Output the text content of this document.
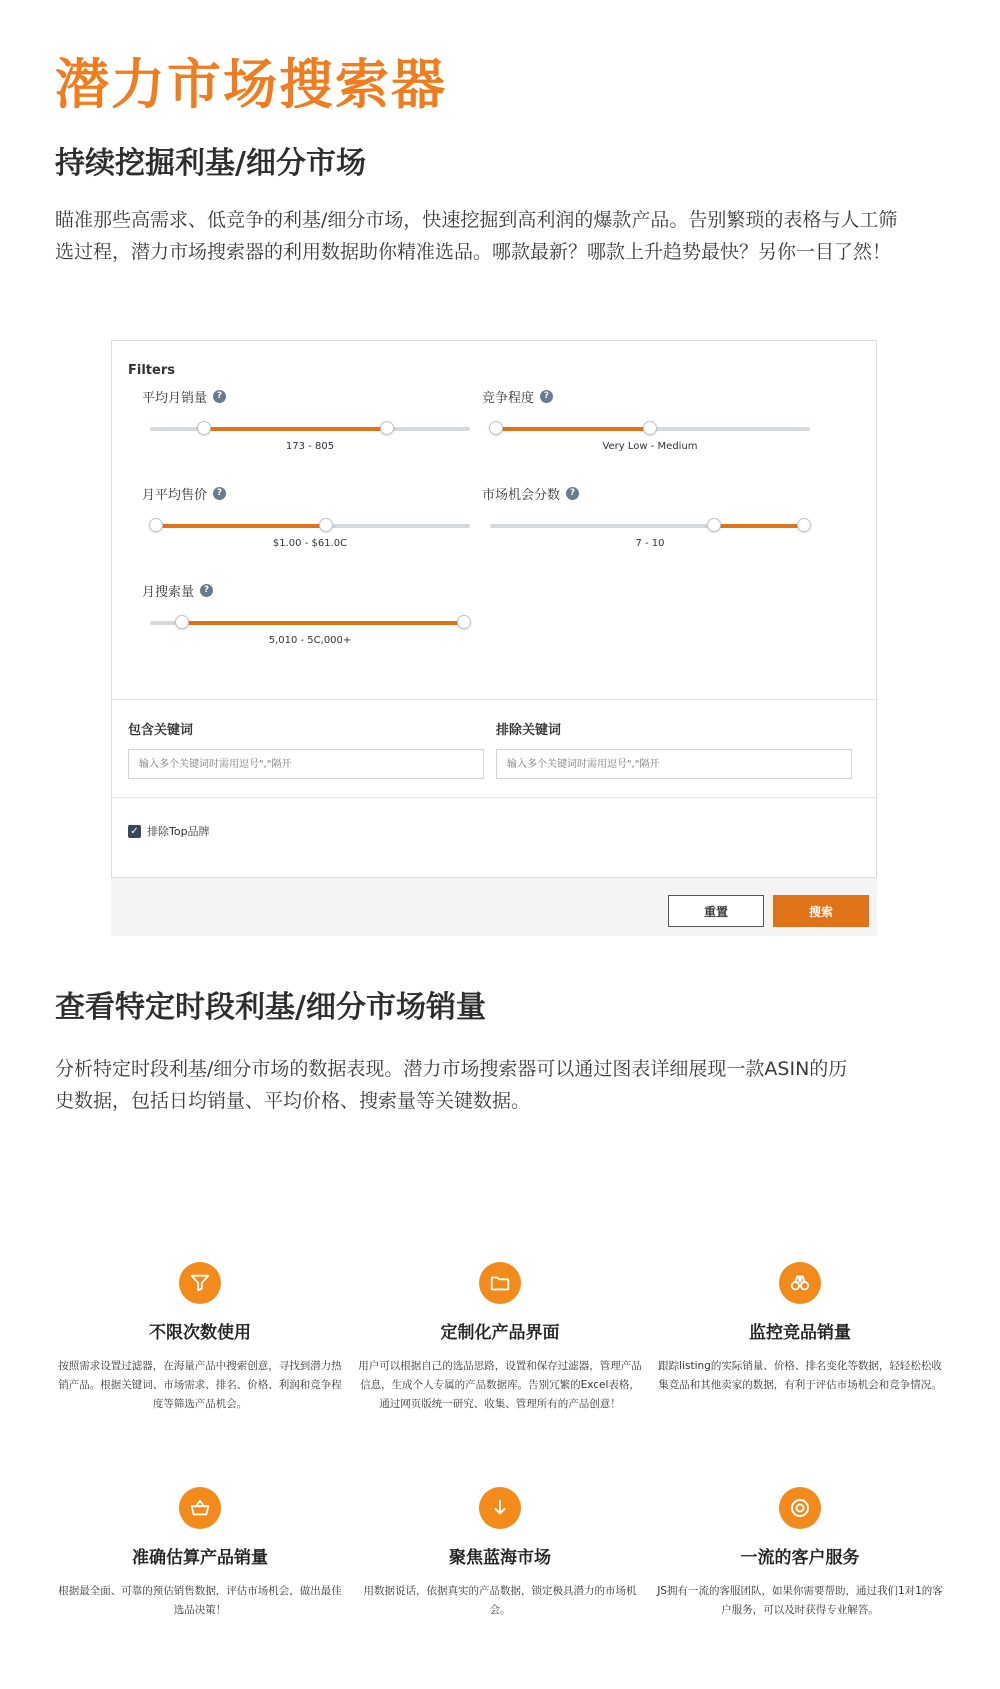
潜力市场搜索器
持续挖掘利基/细分市场
瞄准那些高需求、低竞争的利基/细分市场，快速挖掘到高利润的爆款产品。告别繁琐的表格与人工筛选过程，潜力市场搜索器的利用数据助你精准选品。哪款最新？哪款上升趋势最快？另你一目了然！
Filters
平均月销量	?
173 - 805
竞争程度	?
Very Low - Medium
月平均售价	?
$1.00 - $61.0C
市场机会分数	?
7 - 10
月搜索量	?
5,010 - 5C,000+
包含关键词	排除关键词
输入多个关键词时需用逗号","隔开
输入多个关键词时需用逗号","隔开
✓ 排除Top品牌
重置	搜索
查看特定时段利基/细分市场销量
分析特定时段利基/细分市场的数据表现。潜力市场搜索器可以通过图表详细展现一款ASIN的历史数据，包括日均销量、平均价格、搜索量等关键数据。
不限次数使用
按照需求设置过滤器，在海量产品中搜索创意，寻找到潜力热销产品。根据关键词、市场需求、排名、价格、利润和竞争程度等筛选产品机会。
定制化产品界面
用户可以根据自己的选品思路，设置和保存过滤器，管理产品信息，生成个人专属的产品数据库。告别冗繁的Excel表格，通过网页版统一研究、收集、管理所有的产品创意！
监控竞品销量
跟踪listing的实际销量、价格、排名变化等数据，轻轻松松收集竞品和其他卖家的数据，有利于评估市场机会和竞争情况。
准确估算产品销量
根据最全面、可靠的预估销售数据，评估市场机会，做出最佳选品决策！
聚焦蓝海市场
用数据说话，依据真实的产品数据，锁定极具潜力的市场机会。
一流的客户服务
JS拥有一流的客服团队，如果你需要帮助，通过我们1对1的客户服务，可以及时获得专业解答。
